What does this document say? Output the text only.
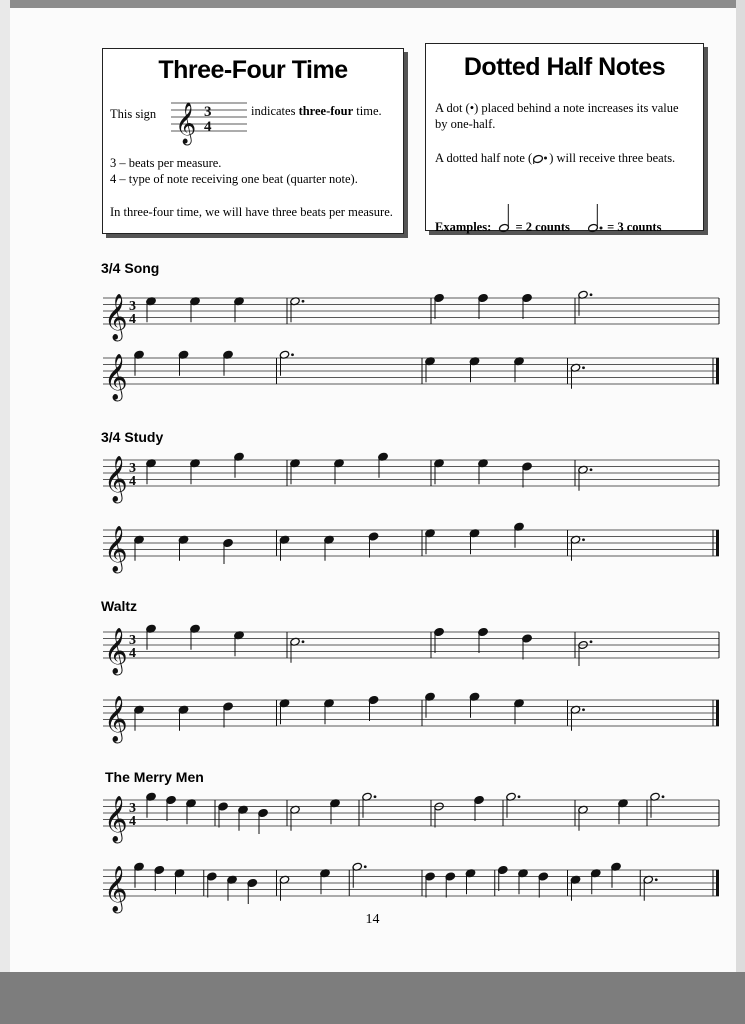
Three-Four Time
This sign 𝄞 3
4
indicates three-four time.

3 – beats per measure.

4 – type of note receiving one beat (quarter note).

In three-four time, we will have three beats per measure.

Dotted Half Notes

A dot (•) placed behind a note increases its value

by one-half.

A dotted half note ( ) will receive three beats.
Examples: = 2 counts	= 3 counts
3/4 Song
3/4 Study
Waltz
The Merry Men
𝄞 3
4
𝄞
𝄞 3
4
𝄞
𝄞 3
4
𝄞
𝄞 3
4
𝄞
14
